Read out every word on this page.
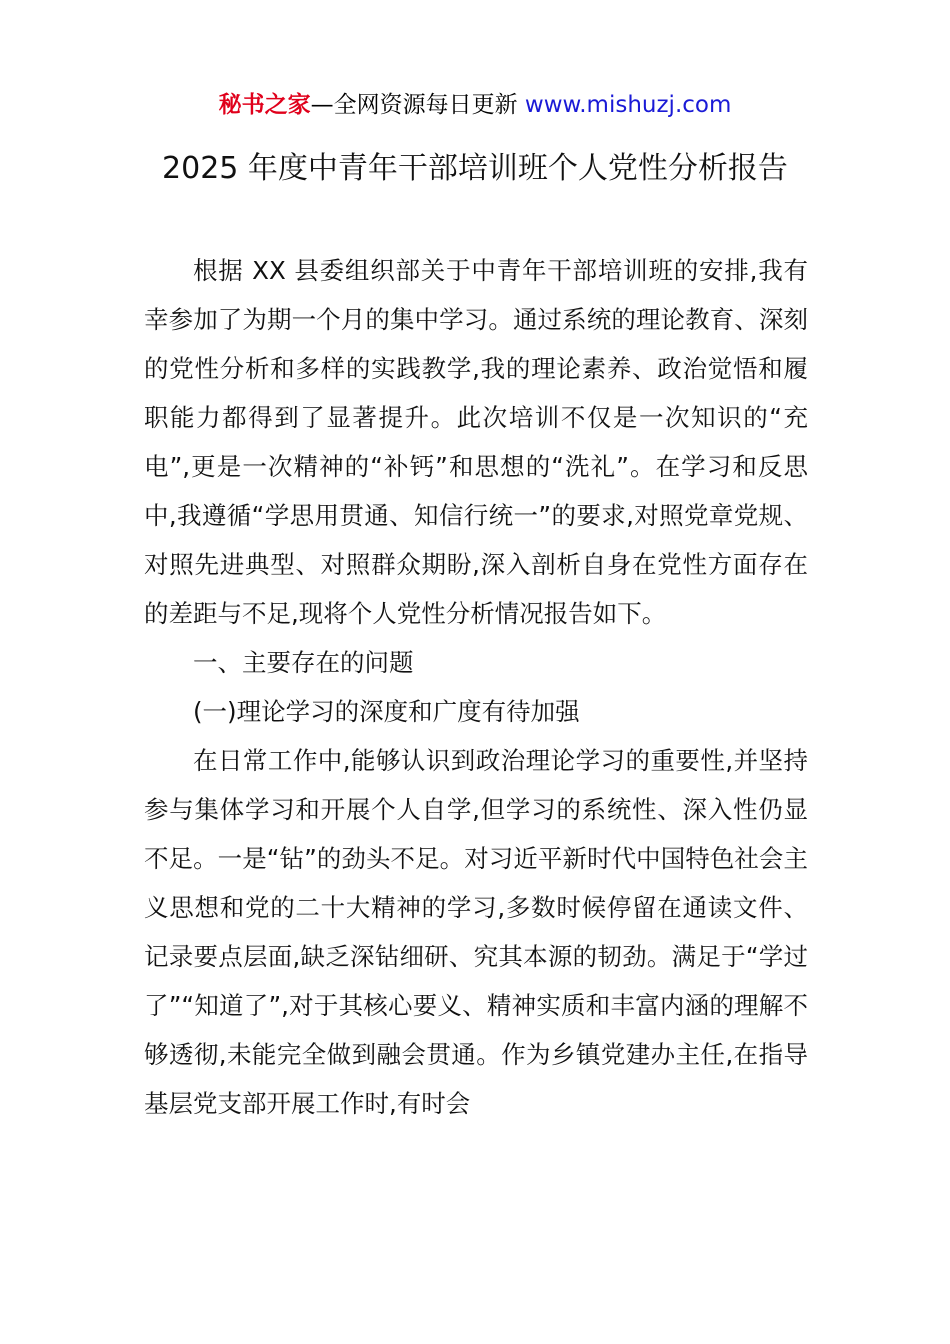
秘书之家—全网资源每日更新 www.mishuzj.com
2025 年度中青年干部培训班个人党性分析报告

根据 XX 县委组织部关于中青年干部培训班的安排,我有幸参加了为期一个月的集中学习。通过系统的理论教育、深刻的党性分析和多样的实践教学,我的理论素养、政治觉悟和履职能力都得到了显著提升。此次培训不仅是一次知识的“充电”,更是一次精神的“补钙”和思想的“洗礼”。在学习和反思中,我遵循“学思用贯通、知信行统一”的要求,对照党章党规、对照先进典型、对照群众期盼,深入剖析自身在党性方面存在的差距与不足,现将个人党性分析情况报告如下。

一、主要存在的问题

(一)理论学习的深度和广度有待加强

在日常工作中,能够认识到政治理论学习的重要性,并坚持参与集体学习和开展个人自学,但学习的系统性、深入性仍显不足。一是“钻”的劲头不足。对习近平新时代中国特色社会主义思想和党的二十大精神的学习,多数时候停留在通读文件、记录要点层面,缺乏深钻细研、究其本源的韧劲。满足于“学过了”“知道了”,对于其核心要义、精神实质和丰富内涵的理解不够透彻,未能完全做到融会贯通。作为乡镇党建办主任,在指导基层党支部开展工作时,有时会
